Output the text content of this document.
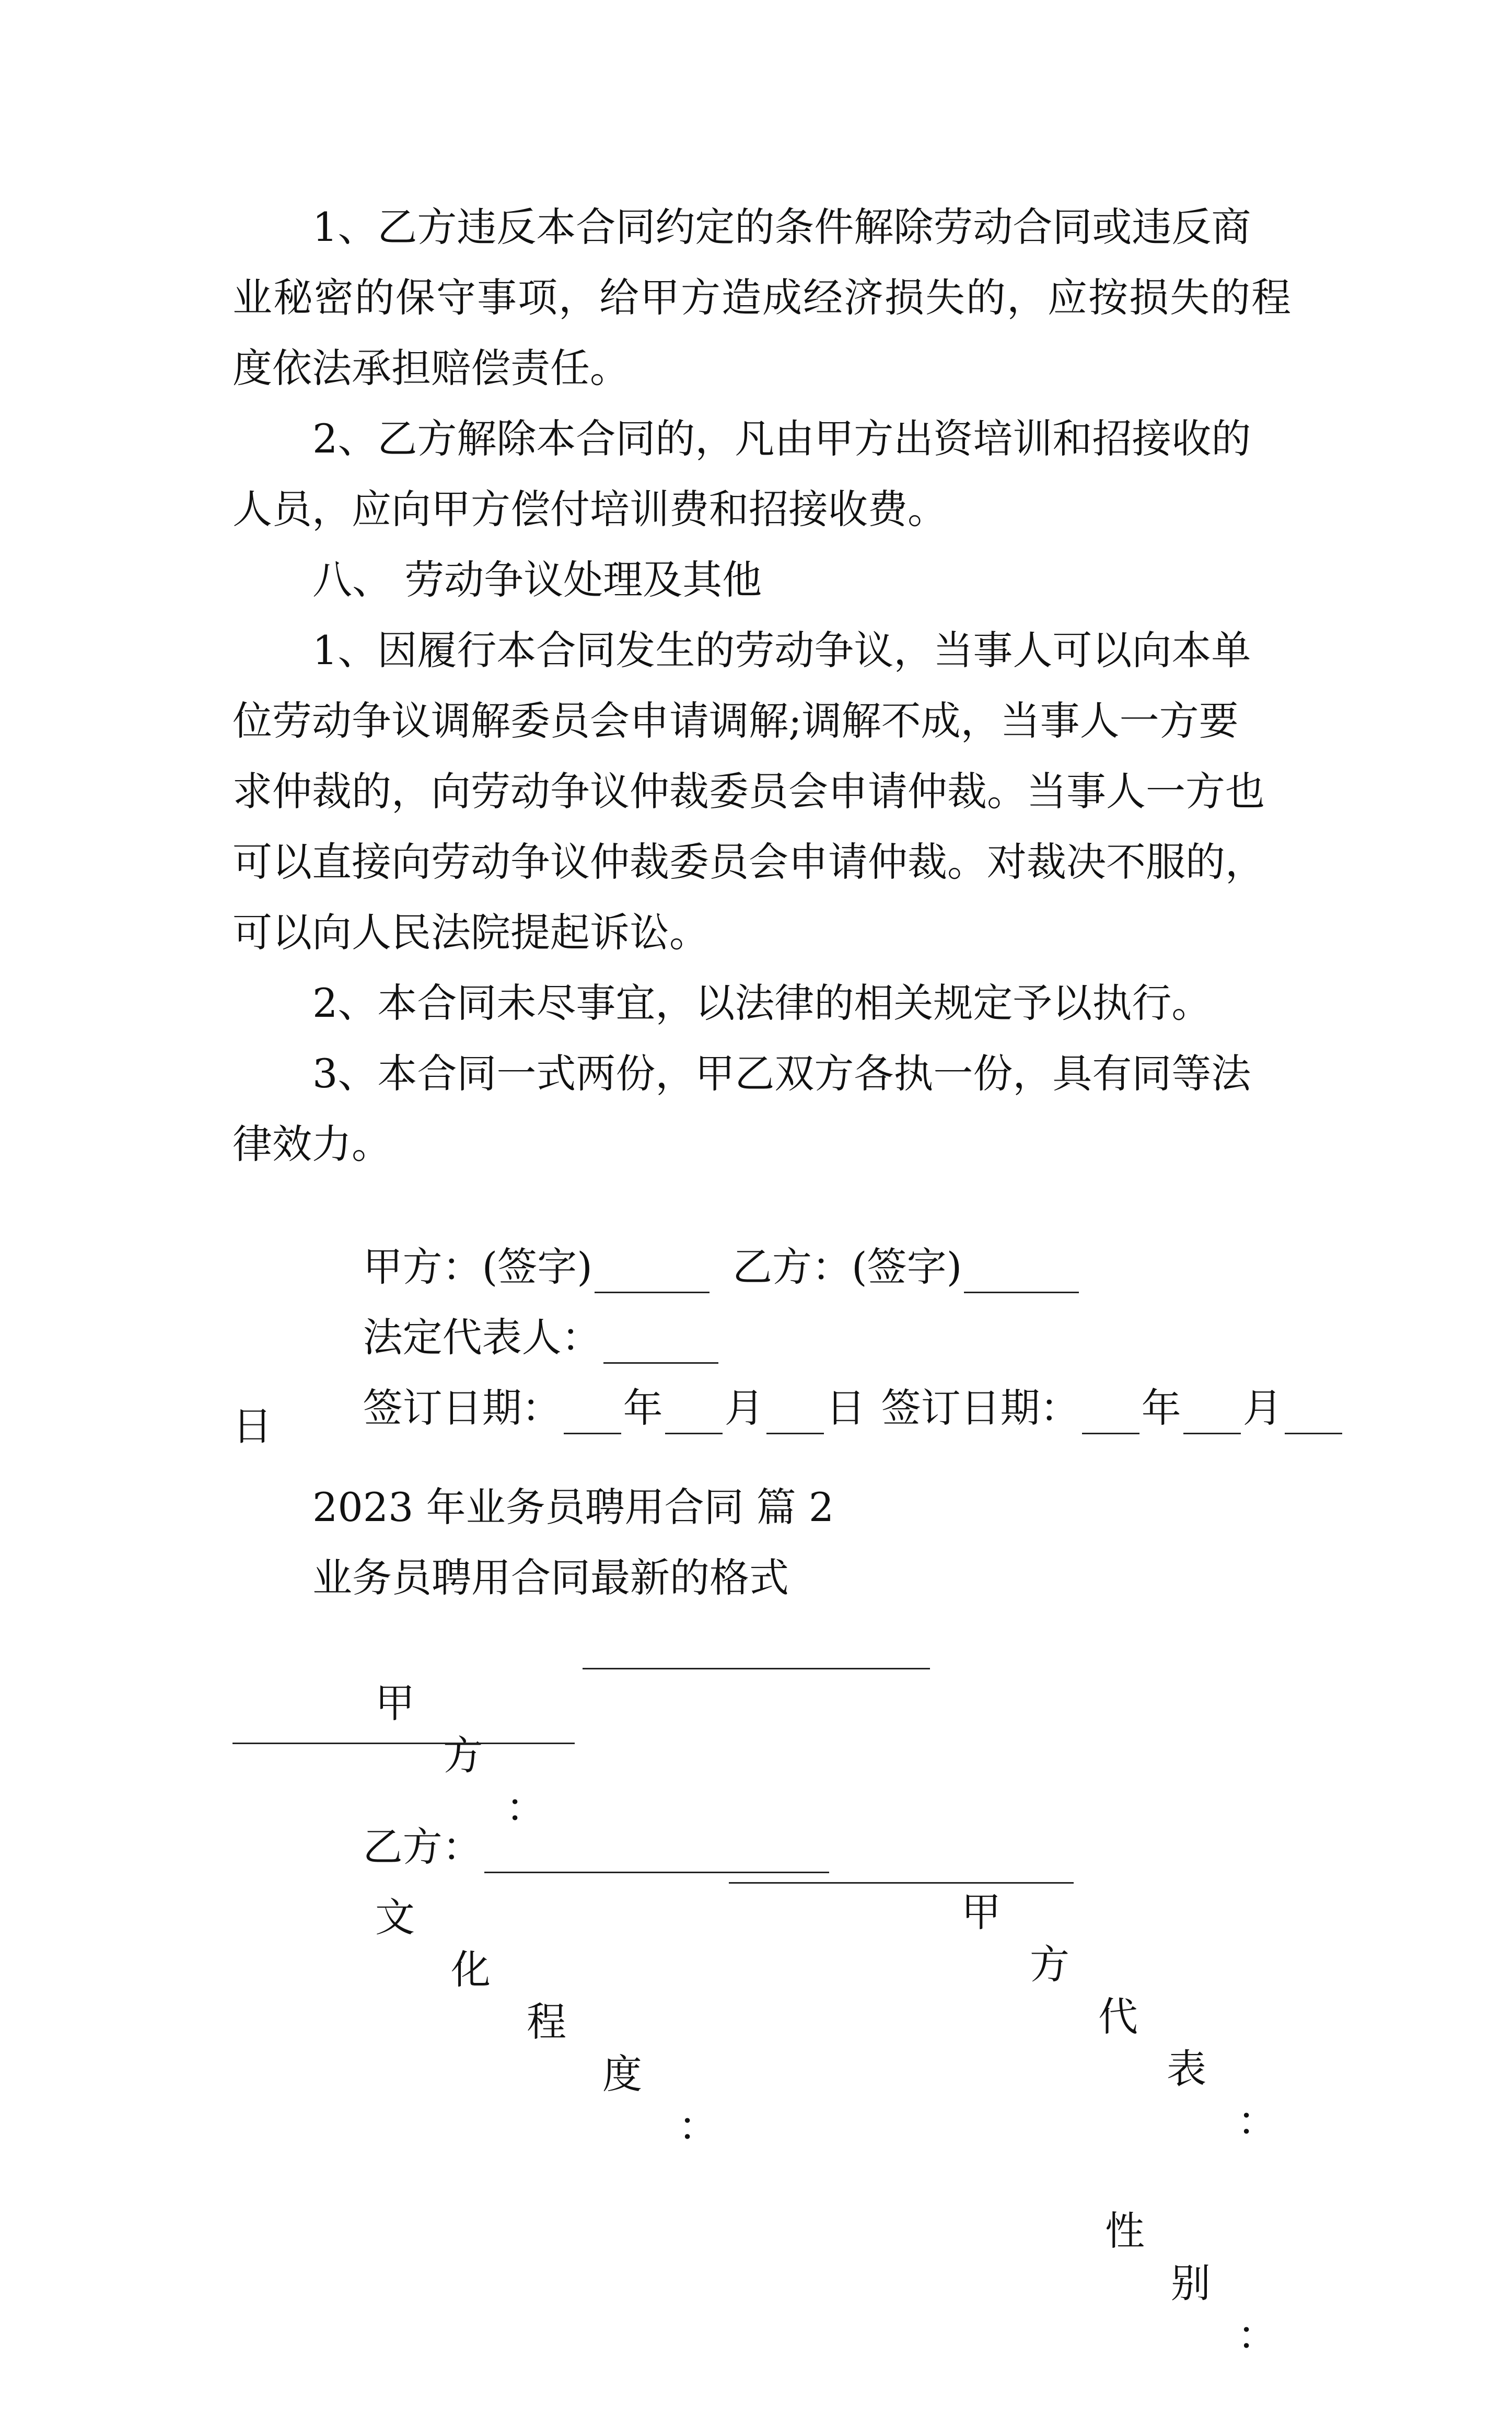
1、乙方违反本合同约定的条件解除劳动合同或违反商
业秘密的保守事项，给甲方造成经济损失的，应按损失的程
度依法承担赔偿责任。
2、乙方解除本合同的，凡由甲方出资培训和招接收的
人员，应向甲方偿付培训费和招接收费。
八、 劳动争议处理及其他
1、因履行本合同发生的劳动争议，当事人可以向本单
位劳动争议调解委员会申请调解;调解不成，当事人一方要
求仲裁的，向劳动争议仲裁委员会申请仲裁。当事人一方也
可以直接向劳动争议仲裁委员会申请仲裁。对裁决不服的，
可以向人民法院提起诉讼。
2、本合同未尽事宜，以法律的相关规定予以执行。
3、本合同一式两份，甲乙双方各执一份，具有同等法
律效力。

甲方：(签字)	乙方：(签字)

法定代表人：

签订日期： 年 月 日 签订日期： 年 月

日
2023 年业务员聘用合同 篇 2
业务员聘用合同最新的格式

甲

方

：

甲

方

代

表

：

乙方：

文

化

程

度

：

性

别

：
